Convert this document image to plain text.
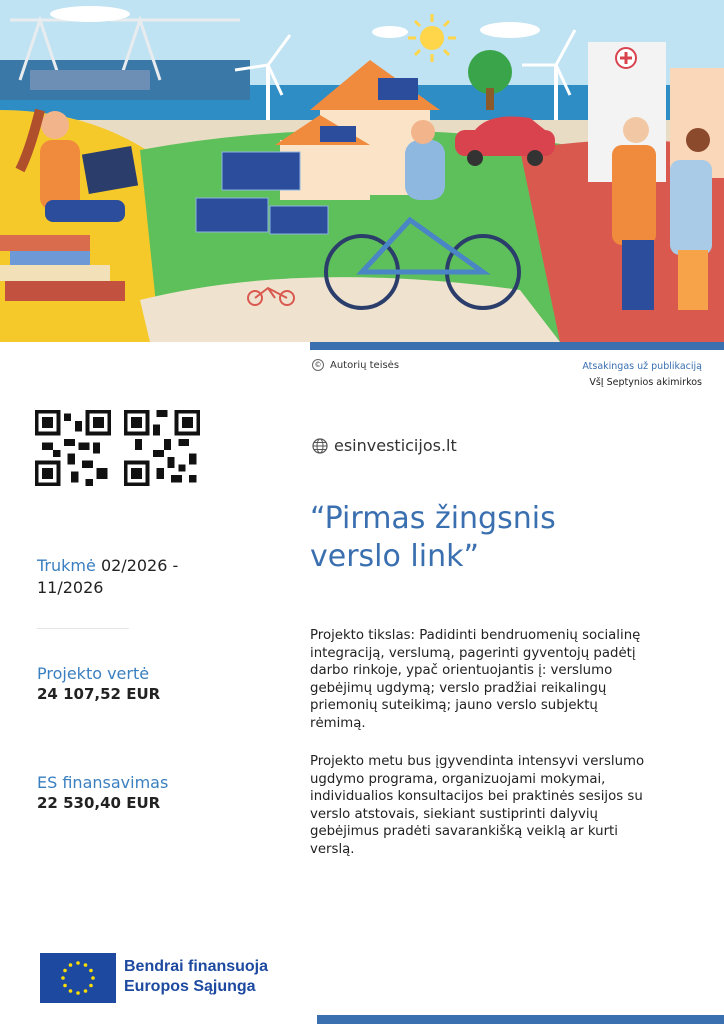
© Autorių teisės	Atsakingas už publikaciją
VšĮ Septynios akimirkos
esinvesticijos.lt
“Pirmas žingsnis
verslo link”
Projekto tikslas: Padidinti bendruomenių socialinę integraciją, verslumą, pagerinti gyventojų padėtį darbo rinkoje, ypač orientuojantis į: verslumo gebėjimų ugdymą; verslo pradžiai reikalingų priemonių suteikimą; jauno verslo subjektų rėmimą.
Projekto metu bus įgyvendinta intensyvi verslumo ugdymo programa, organizuojami mokymai, individualios konsultacijos bei praktinės sesijos su verslo atstovais, siekiant sustiprinti dalyvių gebėjimus pradėti savarankišką veiklą ar kurti verslą.
Trukmė 02/2026 - 11/2026
Projekto vertė
24 107,52 EUR
ES finansavimas
22 530,40 EUR
Bendrai finansuoja
Europos Sąjunga
